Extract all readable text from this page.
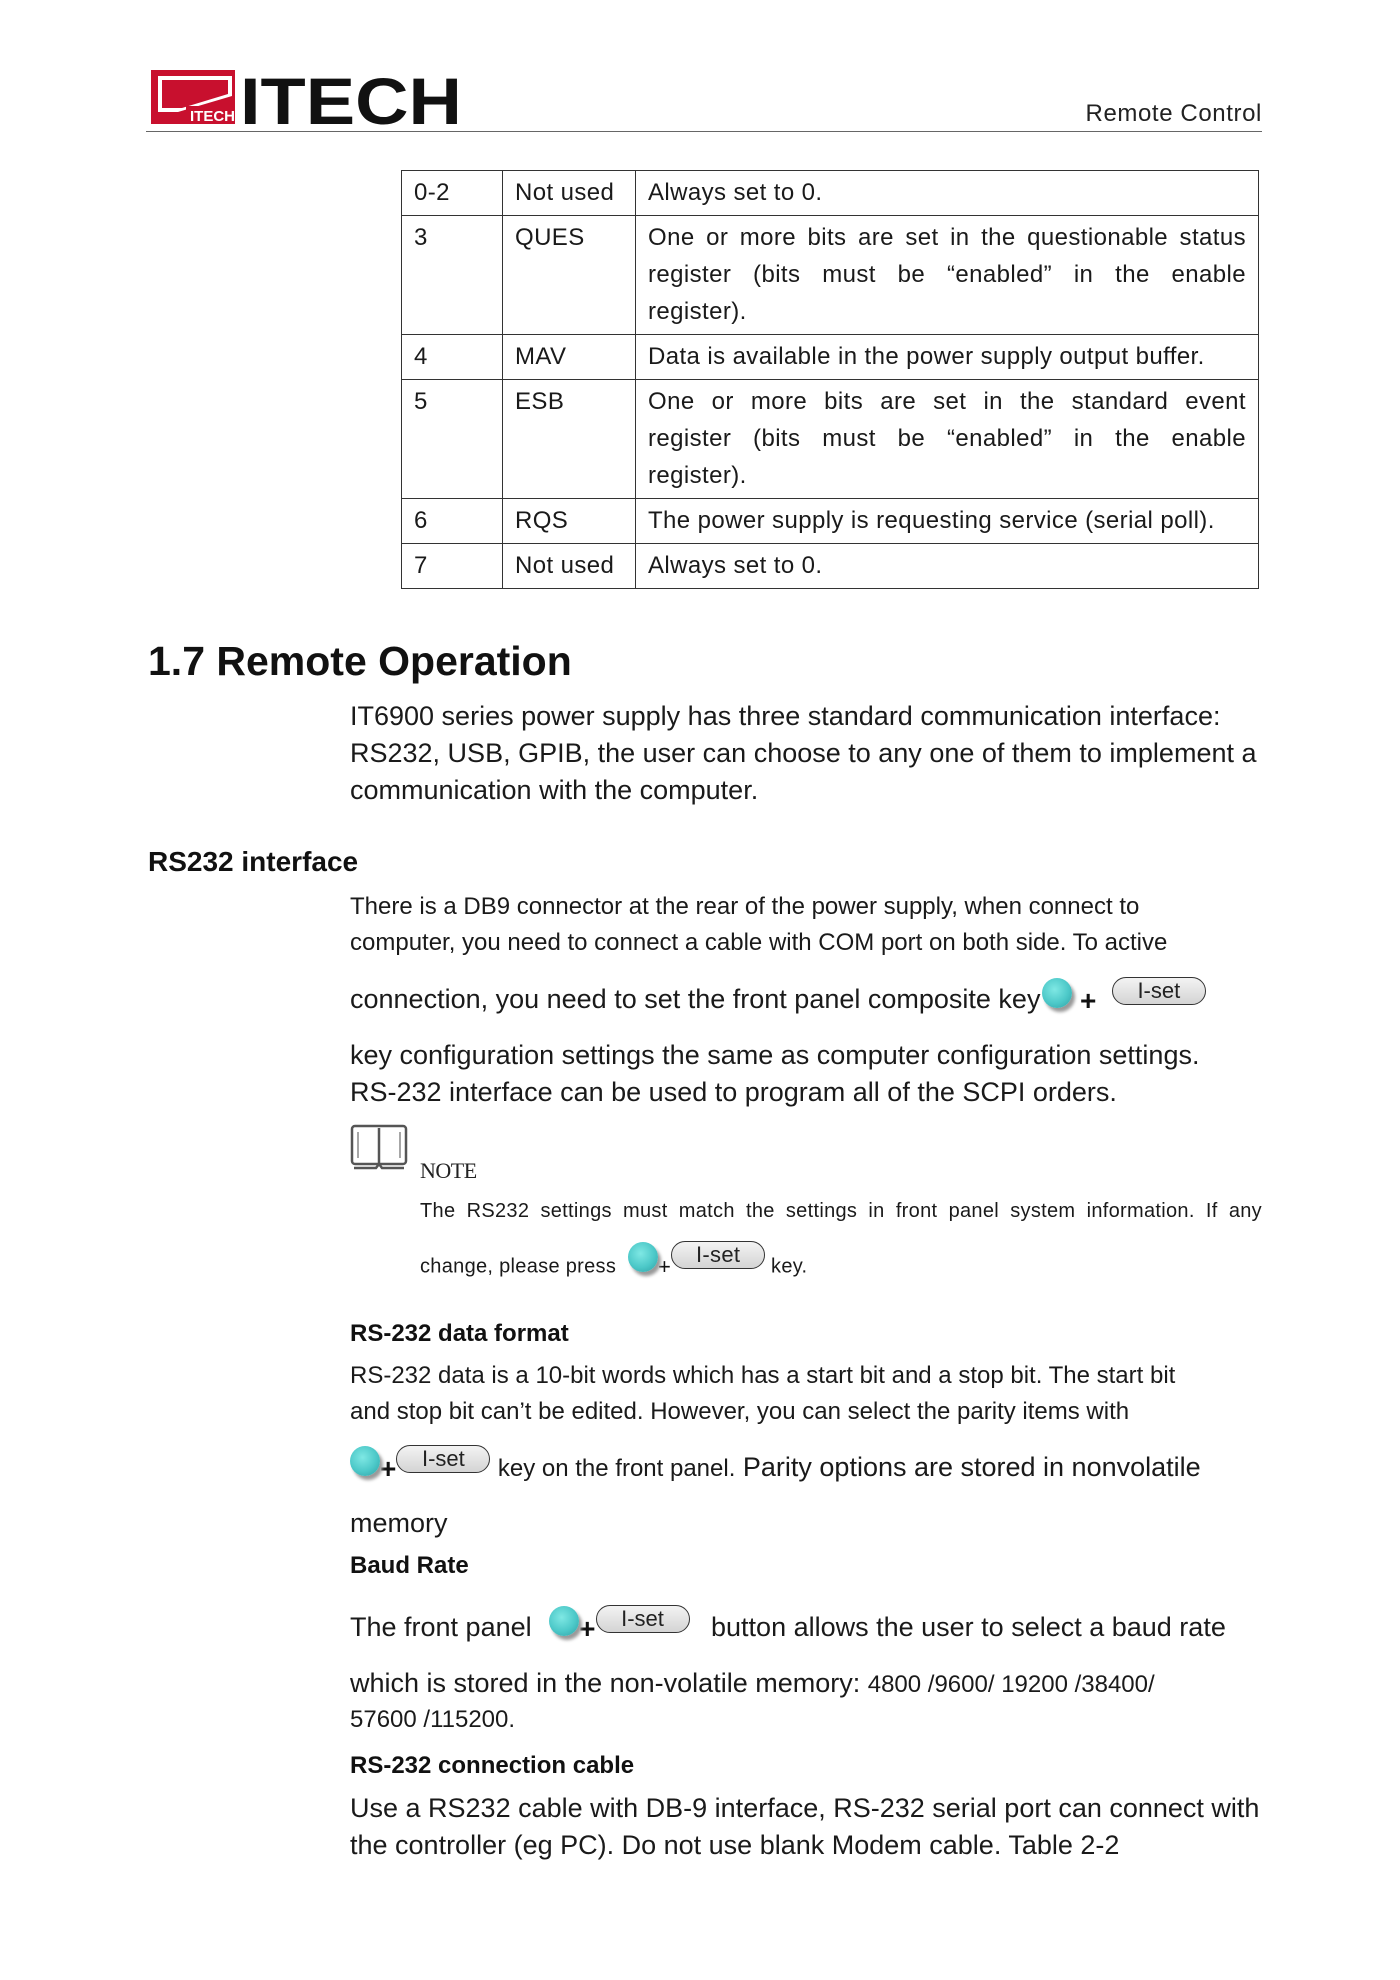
ITECH ITECH	Remote Control
0-2	Not used	Always set to 0.
3	QUES	One or more bits are set in the questionable status register (bits must be “enabled” in the enable register).
4	MAV	Data is available in the power supply output buffer.
5	ESB	One or more bits are set in the standard event register (bits must be “enabled” in the enable register).
6	RQS	The power supply is requesting service (serial poll).
7	Not used	Always set to 0.
1.7 Remote Operation
IT6900 series power supply has three standard communication interface: RS232, USB, GPIB, the user can choose to any one of them to implement a communication with the computer.
RS232 interface
There is a DB9 connector at the rear of the power supply, when connect to
computer, you need to connect a cable with COM port on both side. To active
connection, you need to set the front panel composite key + I-set
key configuration settings the same as computer configuration settings.
RS-232 interface can be used to program all of the SCPI orders.
NOTE
The RS232 settings must match the settings in front panel system information. If any
change, please press + I-set key.
RS-232 data format
RS-232 data is a 10-bit words which has a start bit and a stop bit. The start bit
and stop bit can’t be edited. However, you can select the parity items with
+ I-set key on the front panel. Parity options are stored in nonvolatile
memory
Baud Rate
The front panel + I-set button allows the user to select a baud rate
which is stored in the non-volatile memory: 4800 /9600/ 19200 /38400/
57600 /115200.
RS-232 connection cable
Use a RS232 cable with DB-9 interface, RS-232 serial port can connect with the controller (eg PC). Do not use blank Modem cable. Table 2-2
